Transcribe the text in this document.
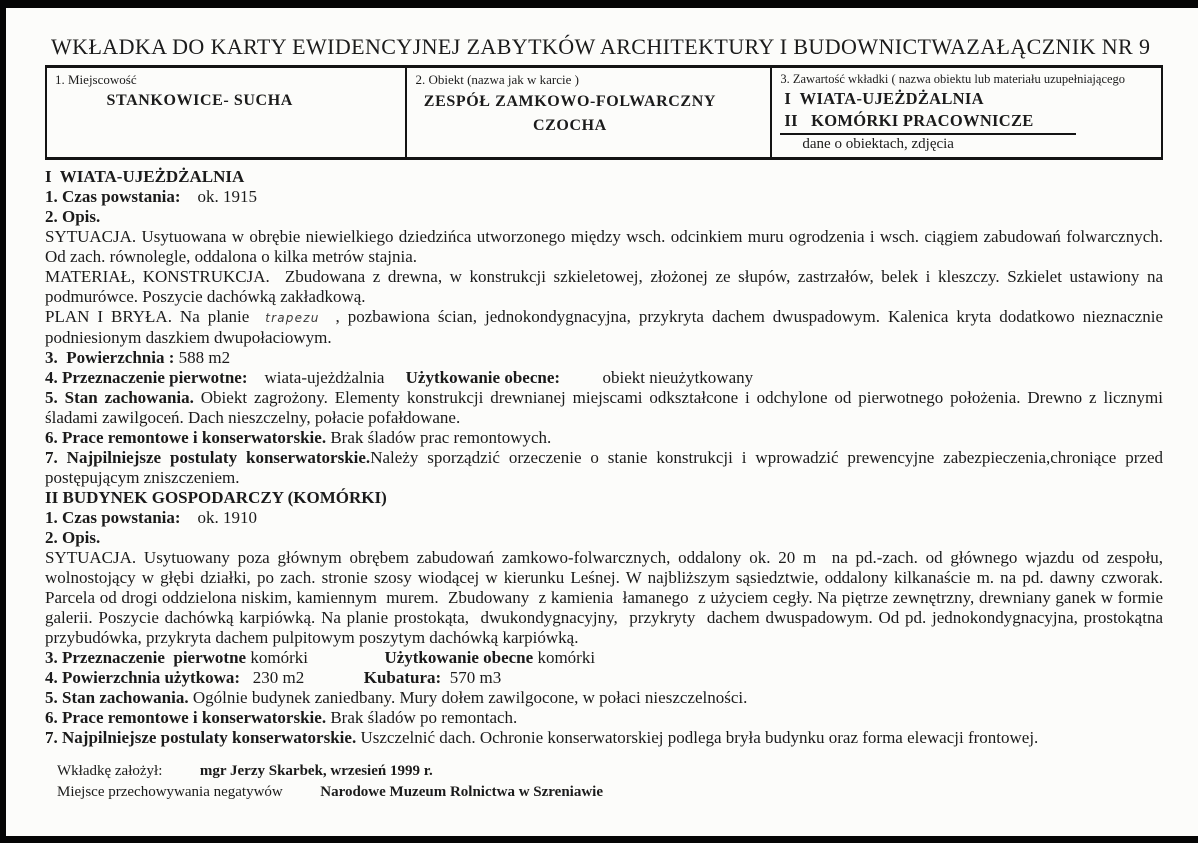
WKŁADKA DO KARTY EWIDENCYJNEJ ZABYTKÓW ARCHITEKTURY I BUDOWNICTWA ZAŁĄCZNIK NR 9
1. Miejscowość
STANKOWICE- SUCHA

2. Obiekt (nazwa jak w karcie )
ZESPÓŁ ZAMKOWO-FOLWARCZNY
CZOCHA

3. Zawartość wkładki ( nazwa obiektu lub materiału uzupełniającego
I  WIATA-UJEŻDŻALNIA
II   KOMÓRKI PRACOWNICZE
dane o obiektach, zdjęcia
I  WIATA-UJEŻDŻALNIA
1. Czas powstania:    ok. 1915
2. Opis.
SYTUACJA. Usytuowana w obrębie niewielkiego dziedzińca utworzonego między wsch. odcinkiem muru ogrodzenia i wsch. ciągiem zabudowań folwarcznych. Od zach. równolegle, oddalona o kilka metrów stajnia.
MATERIAŁ, KONSTRUKCJA.  Zbudowana z drewna, w konstrukcji szkieletowej, złożonej ze słupów, zastrzałów, belek i kleszczy. Szkielet ustawiony na podmurówce. Poszycie dachówką zakładkową.
PLAN I BRYŁA. Na planie  trapezu  , pozbawiona ścian, jednokondygnacyjna, przykryta dachem dwuspadowym. Kalenica kryta dodatkowo nieznacznie podniesionym daszkiem dwupołaciowym.
3.  Powierzchnia : 588 m2
4. Przeznaczenie pierwotne:    wiata-ujeżdżalnia     Użytkowanie obecne:          obiekt nieużytkowany
5. Stan zachowania. Obiekt zagrożony. Elementy konstrukcji drewnianej miejscami odkształcone i odchylone od pierwotnego położenia. Drewno z licznymi śladami zawilgoceń. Dach nieszczelny, połacie pofałdowane.
6. Prace remontowe i konserwatorskie. Brak śladów prac remontowych.
7. Najpilniejsze postulaty konserwatorskie.Należy sporządzić orzeczenie o stanie konstrukcji i wprowadzić prewencyjne zabezpieczenia,chroniące przed postępującym zniszczeniem.
II BUDYNEK GOSPODARCZY (KOMÓRKI)
1. Czas powstania:    ok. 1910
2. Opis.
SYTUACJA. Usytuowany poza głównym obrębem zabudowań zamkowo-folwarcznych, oddalony ok. 20 m  na pd.-zach. od głównego wjazdu od zespołu, wolnostojący w głębi działki, po zach. stronie szosy wiodącej w kierunku Leśnej. W najbliższym sąsiedztwie, oddalony kilkanaście m. na pd. dawny czworak. Parcela od drogi oddzielona niskim, kamiennym  murem.  Zbudowany  z kamienia  łamanego  z użyciem cegły. Na piętrze zewnętrzny, drewniany ganek w formie galerii. Poszycie dachówką karpiówką. Na planie prostokąta,  dwukondygnacyjny,  przykryty  dachem dwuspadowym. Od pd. jednokondygnacyjna, prostokątna przybudówka, przykryta dachem pulpitowym poszytym dachówką karpiówką.
3. Przeznaczenie  pierwotne komórki                  Użytkowanie obecne komórki
4. Powierzchnia użytkowa:   230 m2              Kubatura:  570 m3
5. Stan zachowania. Ogólnie budynek zaniedbany. Mury dołem zawilgocone, w połaci nieszczelności.
6. Prace remontowe i konserwatorskie. Brak śladów po remontach.
7. Najpilniejsze postulaty konserwatorskie. Uszczelnić dach. Ochronie konserwatorskiej podlega bryła budynku oraz forma elewacji frontowej.
Wkładkę założył:          mgr Jerzy Skarbek, wrzesień 1999 r.
Miejsce przechowywania negatywów          Narodowe Muzeum Rolnictwa w Szreniawie
